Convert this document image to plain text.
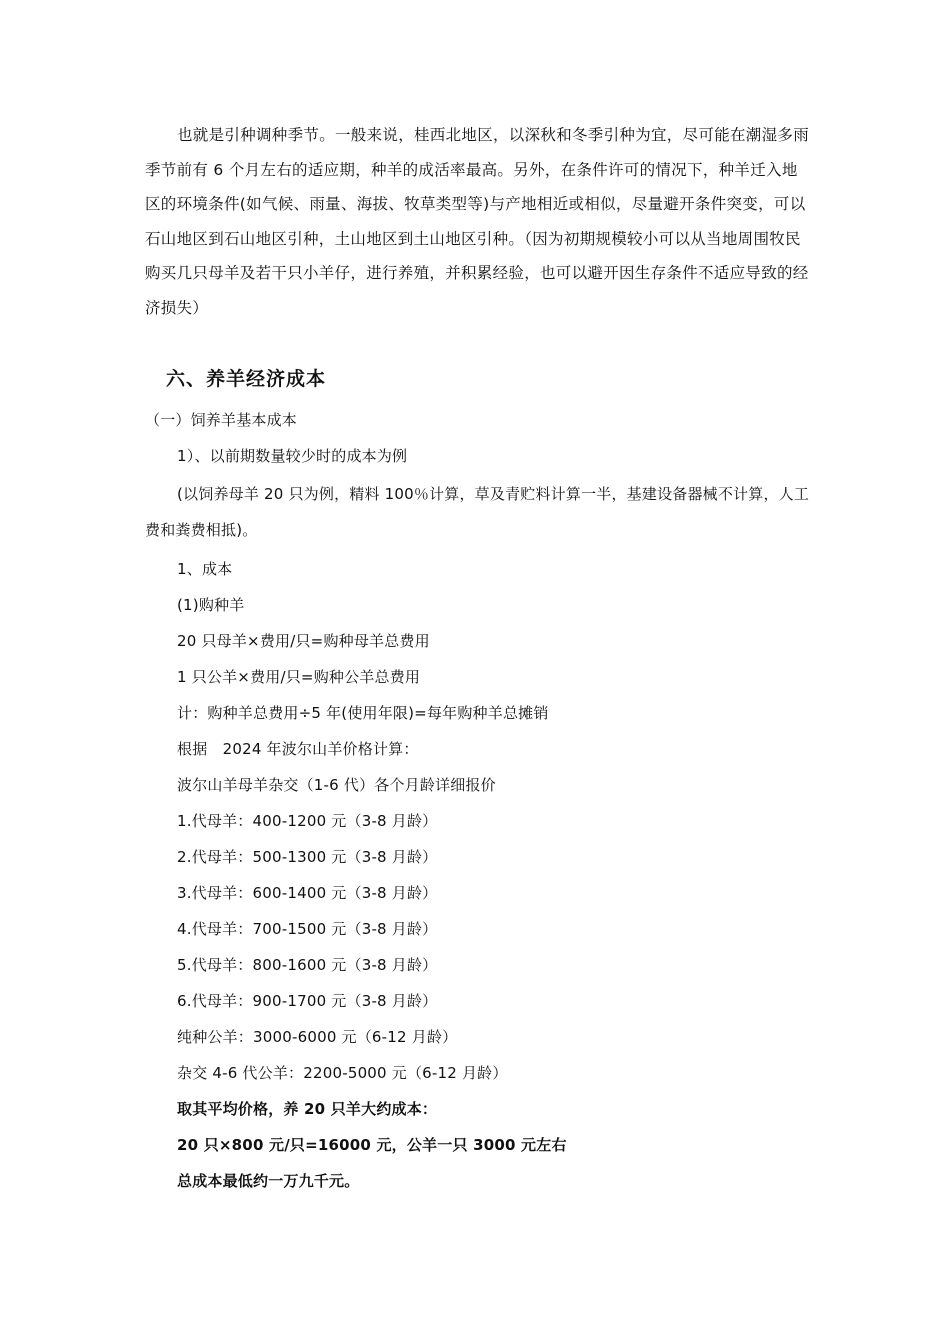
也就是引种调种季节。一般来说，桂西北地区，以深秋和冬季引种为宜，尽可能在潮湿多雨季节前有 6 个月左右的适应期，种羊的成活率最高。另外，在条件许可的情况下，种羊迁入地区的环境条件(如气候、雨量、海拔、牧草类型等)与产地相近或相似，尽量避开条件突变，可以石山地区到石山地区引种，土山地区到土山地区引种。（因为初期规模较小可以从当地周围牧民购买几只母羊及若干只小羊仔，进行养殖，并积累经验，也可以避开因生存条件不适应导致的经济损失）

六、养羊经济成本

（一）饲养羊基本成本

1）、以前期数量较少时的成本为例

(以饲养母羊 20 只为例，精料 100％计算，草及青贮料计算一半，基建设备器械不计算，人工费和粪费相抵)。

1、成本

(1)购种羊

20 只母羊×费用/只=购种母羊总费用

1 只公羊×费用/只=购种公羊总费用

计：购种羊总费用÷5 年(使用年限)=每年购种羊总摊销

根据　2024 年波尔山羊价格计算：

波尔山羊母羊杂交（1-6 代）各个月龄详细报价

1.代母羊：400-1200 元（3-8 月龄）

2.代母羊：500-1300 元（3-8 月龄）

3.代母羊：600-1400 元（3-8 月龄）

4.代母羊：700-1500 元（3-8 月龄）

5.代母羊：800-1600 元（3-8 月龄）

6.代母羊：900-1700 元（3-8 月龄）

纯种公羊：3000-6000 元（6-12 月龄）

杂交 4-6 代公羊：2200-5000 元（6-12 月龄）

取其平均价格，养 20 只羊大约成本：

20 只×800 元/只=16000 元，公羊一只 3000 元左右

总成本最低约一万九千元。
